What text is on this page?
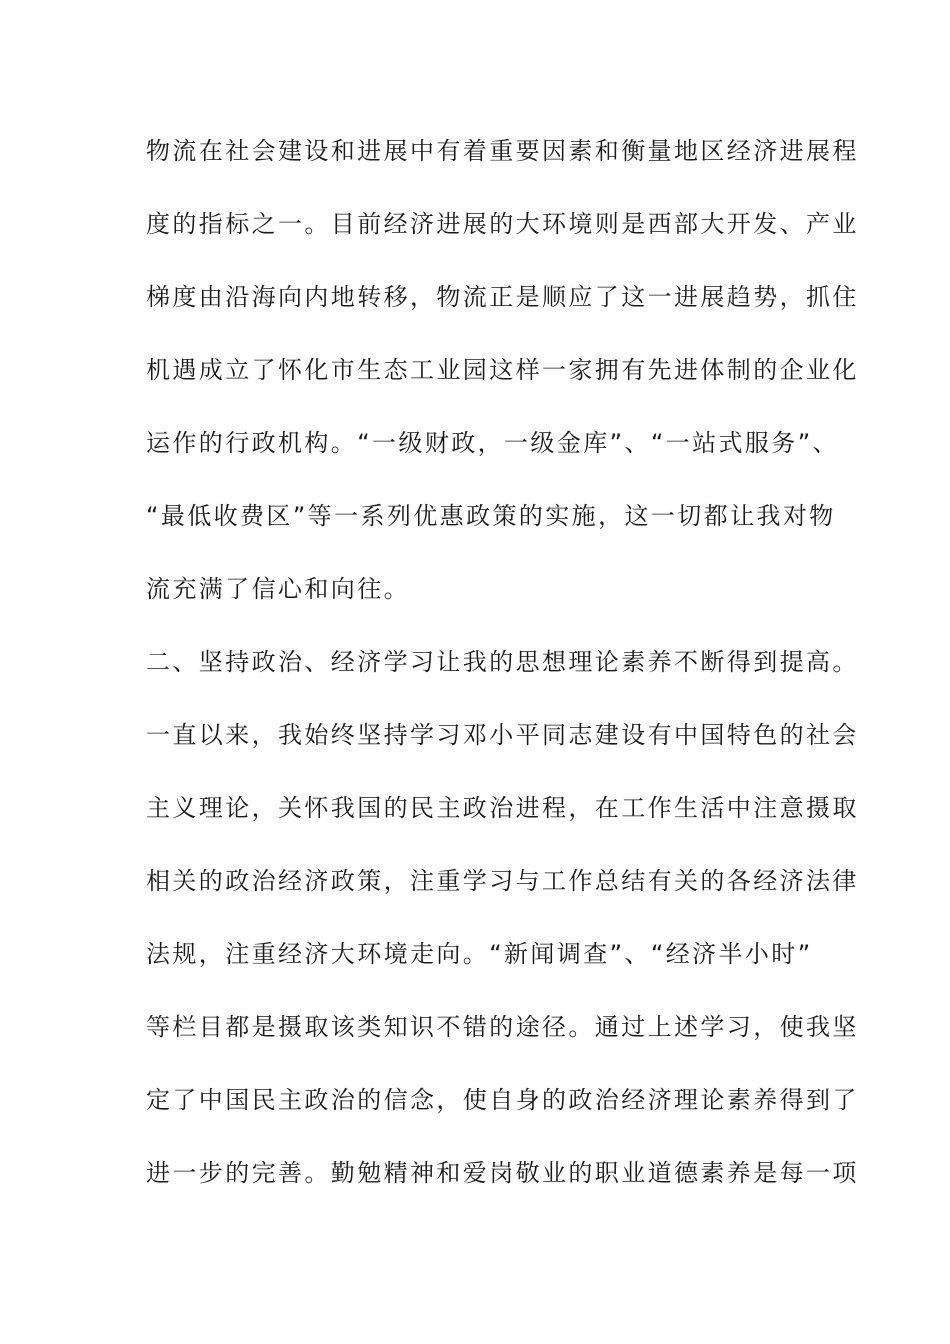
物流在社会建设和进展中有着重要因素和衡量地区经济进展程
度的指标之一。目前经济进展的大环境则是西部大开发、产业
梯度由沿海向内地转移，物流正是顺应了这一进展趋势，抓住
机遇成立了怀化市生态工业园这样一家拥有先进体制的企业化
运作的行政机构。“一级财政，一级金库”、“一站式服务”、
“最低收费区”等一系列优惠政策的实施，这一切都让我对物
流充满了信心和向往。
二、坚持政治、经济学习让我的思想理论素养不断得到提高。
一直以来，我始终坚持学习邓小平同志建设有中国特色的社会
主义理论，关怀我国的民主政治进程，在工作生活中注意摄取
相关的政治经济政策，注重学习与工作总结有关的各经济法律
法规，注重经济大环境走向。“新闻调查”、“经济半小时”
等栏目都是摄取该类知识不错的途径。通过上述学习，使我坚
定了中国民主政治的信念，使自身的政治经济理论素养得到了
进一步的完善。勤勉精神和爱岗敬业的职业道德素养是每一项
